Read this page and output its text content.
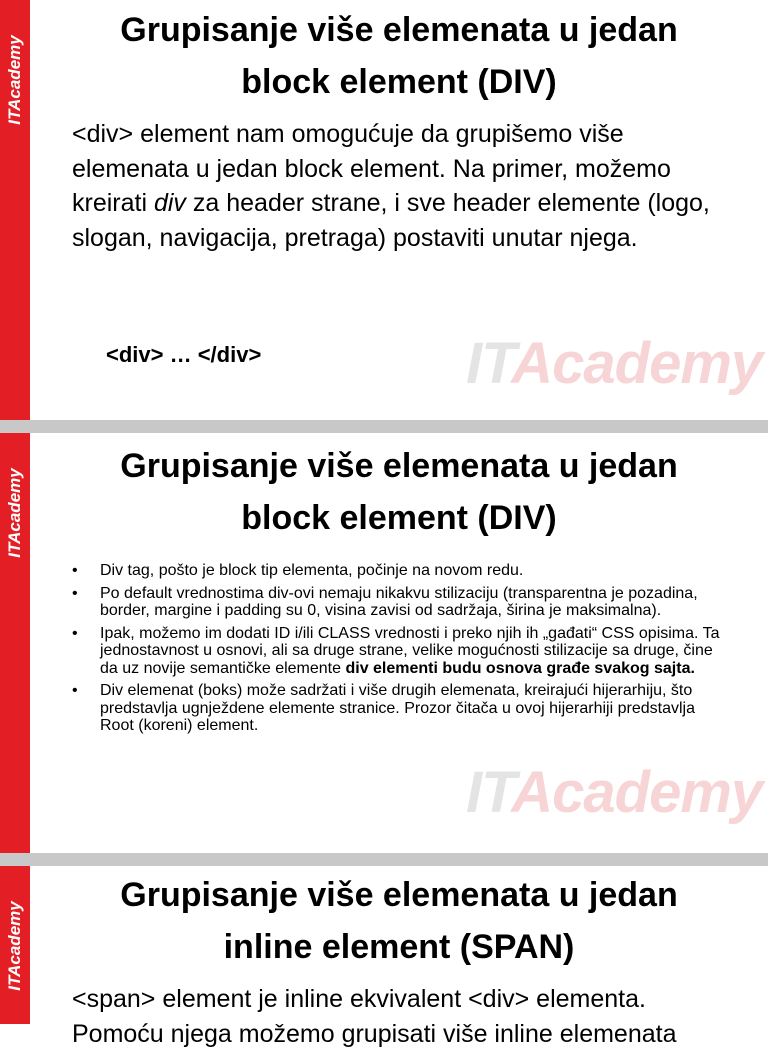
ITAcademy
Grupisanje više elemenata u jedan
block element (DIV)
<div> element nam omogućuje da grupišemo više elemenata u jedan block element. Na primer, možemo kreirati div za header strane, i sve header elemente (logo, slogan, navigacija, pretraga) postaviti unutar njega.
<div> … </div>	ITAcademy
ITAcademy
Grupisanje više elemenata u jedan
block element (DIV)
• Div tag, pošto je block tip elementa, počinje na novom redu.
• Po default vrednostima div-ovi nemaju nikakvu stilizaciju (transparentna je pozadina, border, margine i padding su 0, visina zavisi od sadržaja, širina je maksimalna).
• Ipak, možemo im dodati ID i/ili CLASS vrednosti i preko njih ih „gađati“ CSS opisima. Ta jednostavnost u osnovi, ali sa druge strane, velike mogućnosti stilizacije sa druge, čine da uz novije semantičke elemente div elementi budu osnova građe svakog sajta.
• Div elemenat (boks) može sadržati i više drugih elemenata, kreirajući hijerarhiju, što predstavlja ugnježdene elemente stranice. Prozor čitača u ovoj hijerarhiji predstavlja Root (koreni) element.
ITAcademy
ITAcademy
Grupisanje više elemenata u jedan
inline element (SPAN)
<span> element je inline ekvivalent <div> elementa.
Pomoću njega možemo grupisati više inline elemenata
